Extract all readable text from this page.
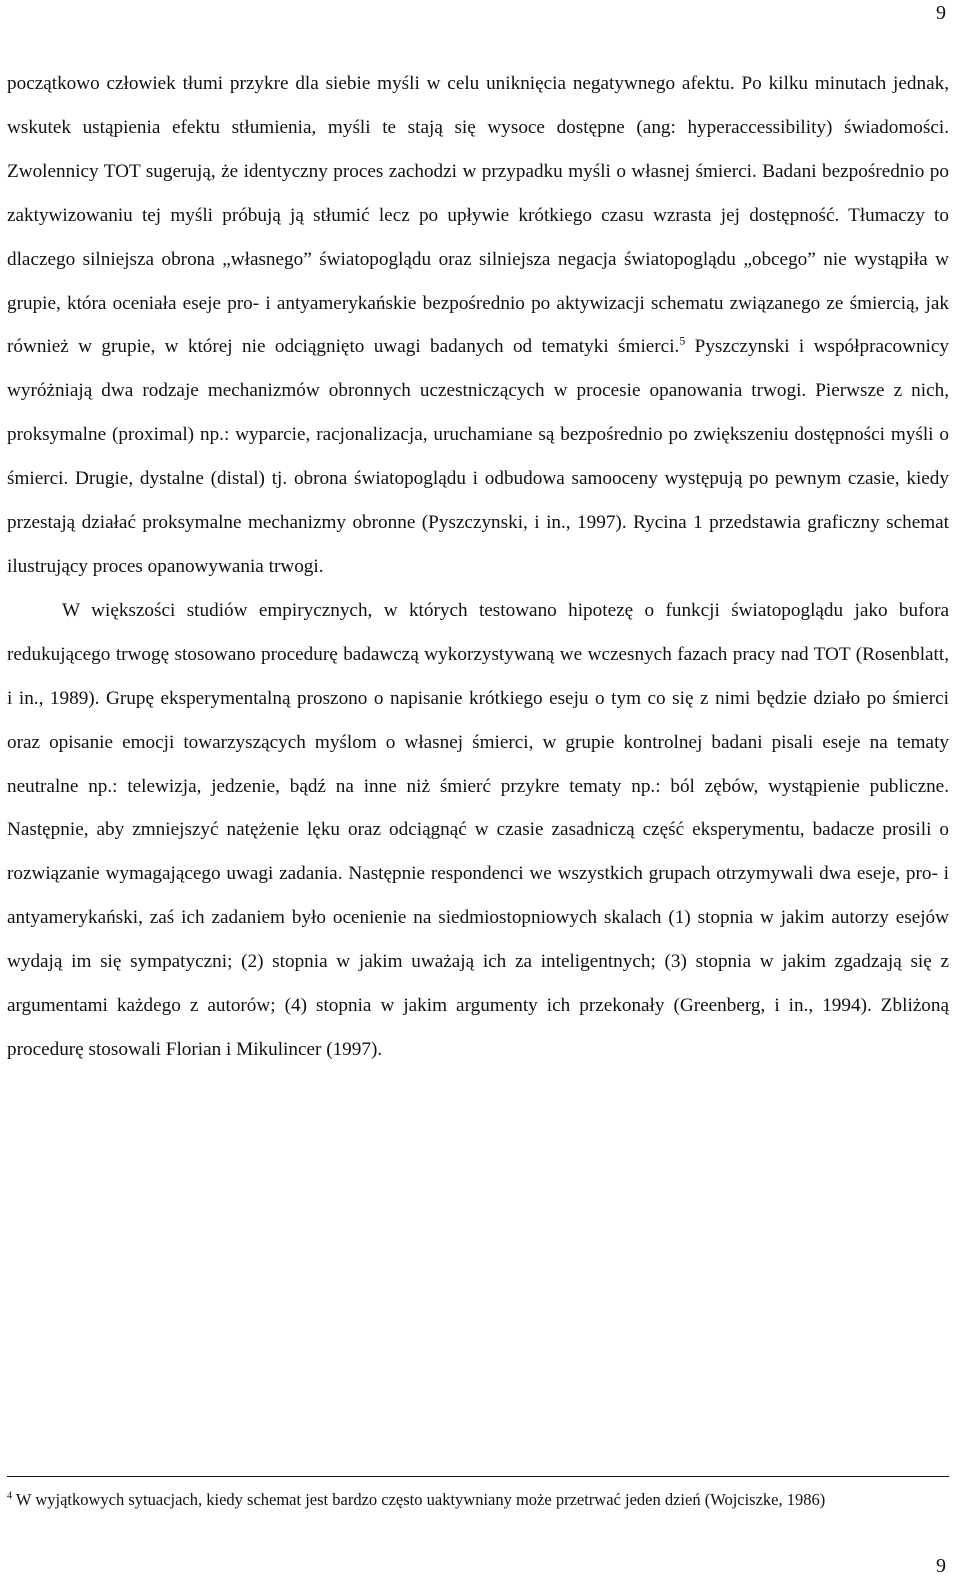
9

początkowo człowiek tłumi przykre dla siebie myśli w celu uniknięcia negatywnego afektu. Po kilku minutach jednak, wskutek ustąpienia efektu stłumienia, myśli te stają się wysoce dostępne (ang: hyperaccessibility) świadomości. Zwolennicy TOT sugerują, że identyczny proces zachodzi w przypadku myśli o własnej śmierci. Badani bezpośrednio po zaktywizowaniu tej myśli próbują ją stłumić lecz po upływie krótkiego czasu wzrasta jej dostępność. Tłumaczy to dlaczego silniejsza obrona „własnego” światopoglądu oraz silniejsza negacja światopoglądu „obcego” nie wystąpiła w grupie, która oceniała eseje pro- i antyamerykańskie bezpośrednio po aktywizacji schematu związanego ze śmiercią, jak również w grupie, w której nie odciągnięto uwagi badanych od tematyki śmierci.$^5$ Pyszczynski i współpracownicy wyróżniają dwa rodzaje mechanizmów obronnych uczestniczących w procesie opanowania trwogi. Pierwsze z nich, proksymalne (proximal) np.: wyparcie, racjonalizacja, uruchamiane są bezpośrednio po zwiększeniu dostępności myśli o śmierci. Drugie, dystalne (distal) tj. obrona światopoglądu i odbudowa samooceny występują po pewnym czasie, kiedy przestają działać proksymalne mechanizmy obronne (Pyszczynski, i in., 1997). Rycina 1 przedstawia graficzny schemat ilustrujący proces opanowywania trwogi.

W większości studiów empirycznych, w których testowano hipotezę o funkcji światopoglądu jako bufora redukującego trwogę stosowano procedurę badawczą wykorzystywaną we wczesnych fazach pracy nad TOT (Rosenblatt, i in., 1989). Grupę eksperymentalną proszono o napisanie krótkiego eseju o tym co się z nimi będzie działo po śmierci oraz opisanie emocji towarzyszących myślom o własnej śmierci, w grupie kontrolnej badani pisali eseje na tematy neutralne np.: telewizja, jedzenie, bądź na inne niż śmierć przykre tematy np.: ból zębów, wystąpienie publiczne. Następnie, aby zmniejszyć natężenie lęku oraz odciągnąć w czasie zasadniczą część eksperymentu, badacze prosili o rozwiązanie wymagającego uwagi zadania. Następnie respondenci we wszystkich grupach otrzymywali dwa eseje, pro- i antyamerykański, zaś ich zadaniem było ocenienie na siedmiostopniowych skalach (1) stopnia w jakim autorzy esejów wydają im się sympatyczni; (2) stopnia w jakim uważają ich za inteligentnych; (3) stopnia w jakim zgadzają się z argumentami każdego z autorów; (4) stopnia w jakim argumenty ich przekonały (Greenberg, i in., 1994). Zbliżoną procedurę stosowali Florian i Mikulincer (1997).

$^4$ W wyjątkowych sytuacjach, kiedy schemat jest bardzo często uaktywniany może przetrwać jeden dzień (Wojciszke, 1986)
9
